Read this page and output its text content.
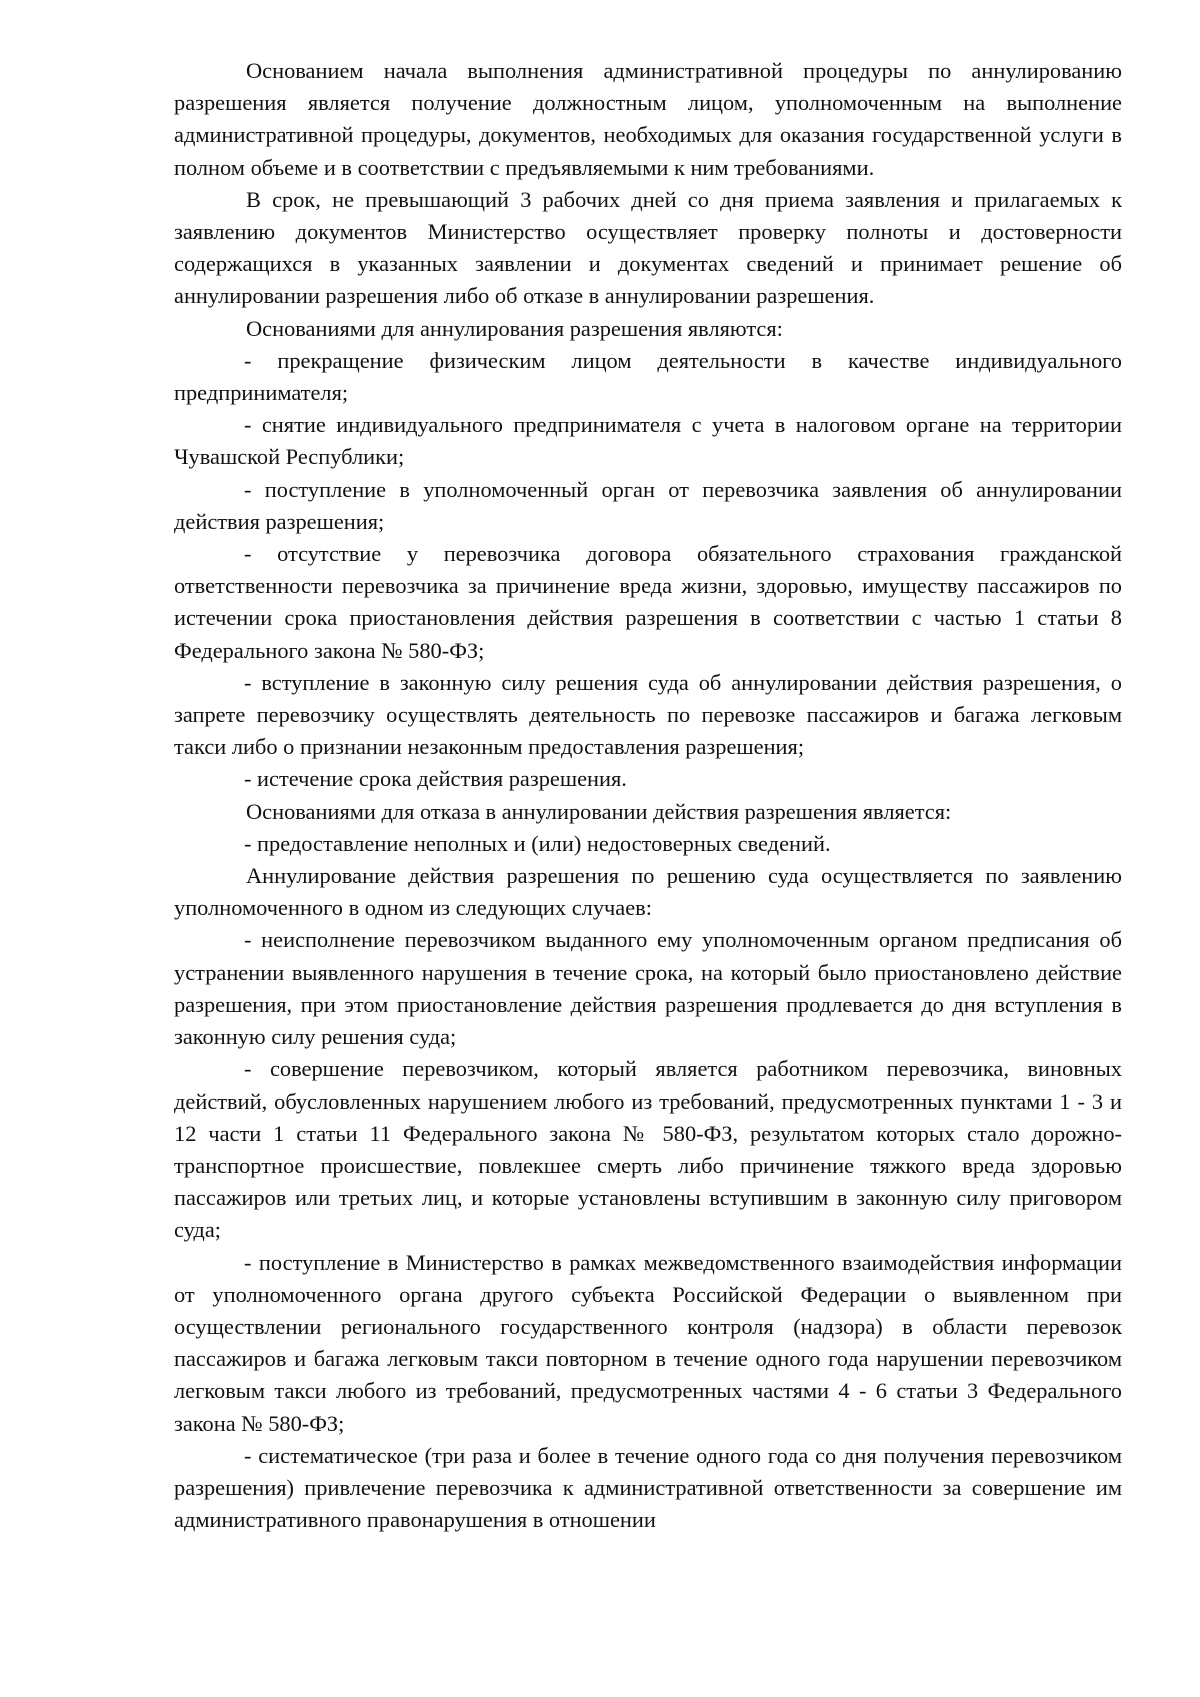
Основанием начала выполнения административной процедуры по аннулированию разрешения является получение должностным лицом, уполномоченным на выполнение административной процедуры, документов, необходимых для оказания государственной услуги в полном объеме и в соответствии с предъявляемыми к ним требованиями.

В срок, не превышающий 3 рабочих дней со дня приема заявления и прилагаемых к заявлению документов Министерство осуществляет проверку полноты и достоверности содержащихся в указанных заявлении и документах сведений и принимает решение об аннулировании разрешения либо об отказе в аннулировании разрешения.

Основаниями для аннулирования разрешения являются:

- прекращение физическим лицом деятельности в качестве индивидуального предпринимателя;

- снятие индивидуального предпринимателя с учета в налоговом органе на территории Чувашской Республики;

- поступление в уполномоченный орган от перевозчика заявления об аннулировании действия разрешения;

- отсутствие у перевозчика договора обязательного страхования гражданской ответственности перевозчика за причинение вреда жизни, здоровью, имуществу пассажиров по истечении срока приостановления действия разрешения в соответствии с частью 1 статьи 8 Федерального закона № 580-ФЗ;

- вступление в законную силу решения суда об аннулировании действия разрешения, о запрете перевозчику осуществлять деятельность по перевозке пассажиров и багажа легковым такси либо о признании незаконным предоставления разрешения;

- истечение срока действия разрешения.

Основаниями для отказа в аннулировании действия разрешения является:

- предоставление неполных и (или) недостоверных сведений.

Аннулирование действия разрешения по решению суда осуществляется по заявлению уполномоченного в одном из следующих случаев:

- неисполнение перевозчиком выданного ему уполномоченным органом предписания об устранении выявленного нарушения в течение срока, на который было приостановлено действие разрешения, при этом приостановление действия разрешения продлевается до дня вступления в законную силу решения суда;

- совершение перевозчиком, который является работником перевозчика, виновных действий, обусловленных нарушением любого из требований, предусмотренных пунктами 1 - 3 и 12 части 1 статьи 11 Федерального закона № 580-ФЗ, результатом которых стало дорожно-транспортное происшествие, повлекшее смерть либо причинение тяжкого вреда здоровью пассажиров или третьих лиц, и которые установлены вступившим в законную силу приговором суда;

- поступление в Министерство в рамках межведомственного взаимодействия информации от уполномоченного органа другого субъекта Российской Федерации о выявленном при осуществлении регионального государственного контроля (надзора) в области перевозок пассажиров и багажа легковым такси повторном в течение одного года нарушении перевозчиком легковым такси любого из требований, предусмотренных частями 4 - 6 статьи 3 Федерального закона № 580-ФЗ;

- систематическое (три раза и более в течение одного года со дня получения перевозчиком разрешения) привлечение перевозчика к административной ответственности за совершение им административного правонарушения в отношении
